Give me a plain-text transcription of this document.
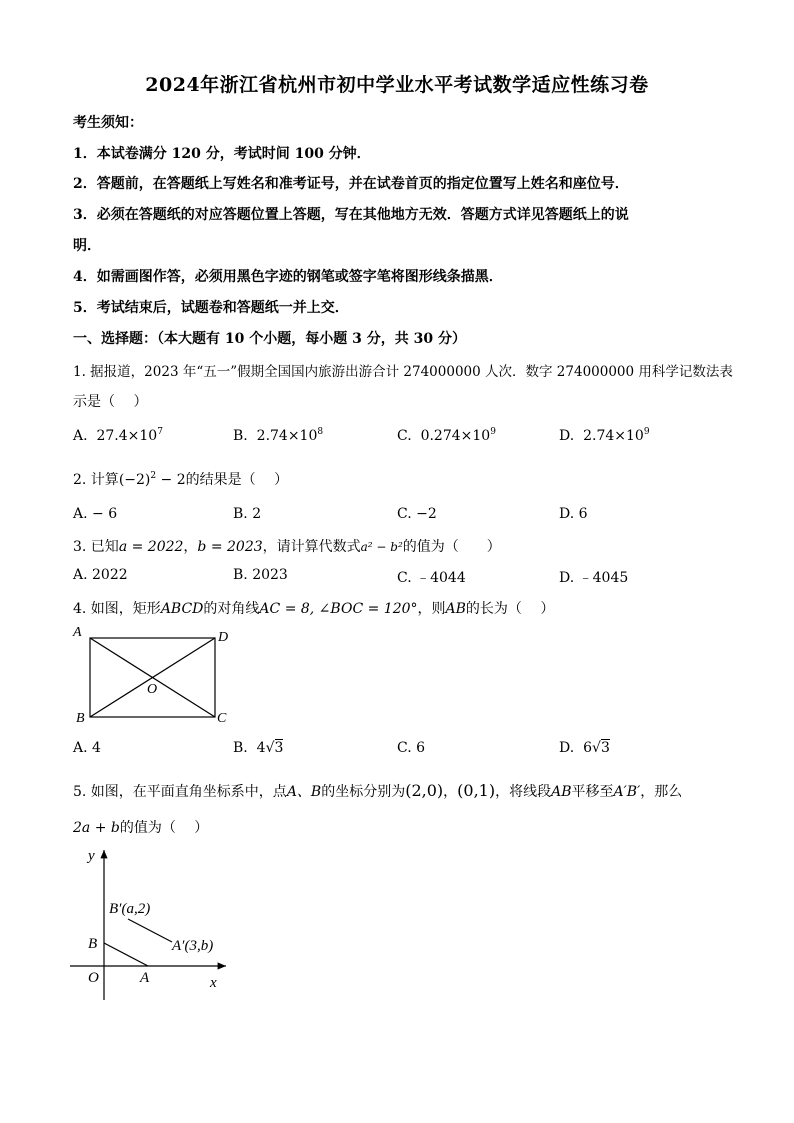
2024年浙江省杭州市初中学业水平考试数学适应性练习卷
考生须知：
1．本试卷满分 120 分，考试时间 100 分钟．
2．答题前，在答题纸上写姓名和准考证号，并在试卷首页的指定位置写上姓名和座位号．
3．必须在答题纸的对应答题位置上答题，写在其他地方无效．答题方式详见答题纸上的说
明．
4．如需画图作答，必须用黑色字迹的钢笔或签字笔将图形线条描黑．
5．考试结束后，试题卷和答题纸一并上交．
一、选择题：（本大题有 10 个小题，每小题 3 分，共 30 分）
1. 据报道，2023 年“五一”假期全国国内旅游出游合计 274000000 人次．数字 274000000 用科学记数法表
示是（　 ）
A. $27.4\times 10^7$	B. $2.74\times 10^8$	C. $0.274\times 10^9$	D. $2.74\times 10^9$
2. 计算$(-2)^2 - 2$的结果是（　 ）
A. − 6	B. 2	C. −2	D. 6
3. 已知a = 2022，b = 2023，请计算代数式a² − b²的值为（　　）
A. 2022	B. 2023	C. ﹣4044	D. ﹣4045
4. 如图，矩形ABCD的对角线AC = 8, ∠BOC = 120°，则AB的长为（　 ）
A	D
B	C
O
A. 4	B. 4√3	C. 6	D. 6√3
5. 如图，在平面直角坐标系中，点A、B的坐标分别为(2,0)，(0,1)，将线段AB平移至A′B′，那么
2a + b的值为（　 ）
y
x
O	A
B
B′(a,2)
A′(3,b)
